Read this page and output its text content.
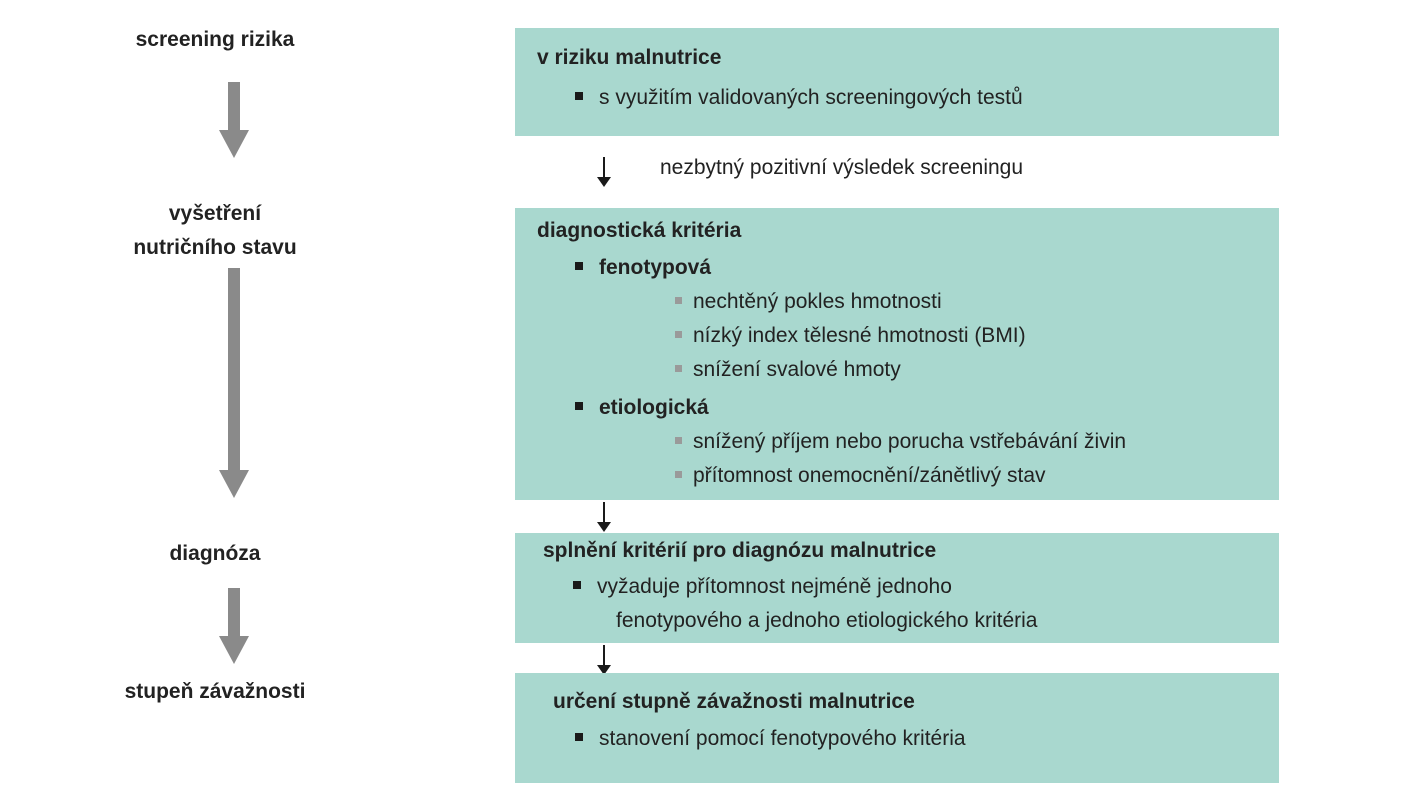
screening rizika
vyšetření
nutričního stavu
diagnóza
stupeň závažnosti
v riziku malnutrice
s využitím validovaných screeningových testů
nezbytný pozitivní výsledek screeningu
diagnostická kritéria
fenotypová
nechtěný pokles hmotnosti
nízký index tělesné hmotnosti (BMI)
snížení svalové hmoty
etiologická
snížený příjem nebo porucha vstřebávání živin
přítomnost onemocnění/zánětlivý stav
splnění kritérií pro diagnózu malnutrice
vyžaduje přítomnost nejméně jednoho
fenotypového a jednoho etiologického kritéria
určení stupně závažnosti malnutrice
stanovení pomocí fenotypového kritéria
